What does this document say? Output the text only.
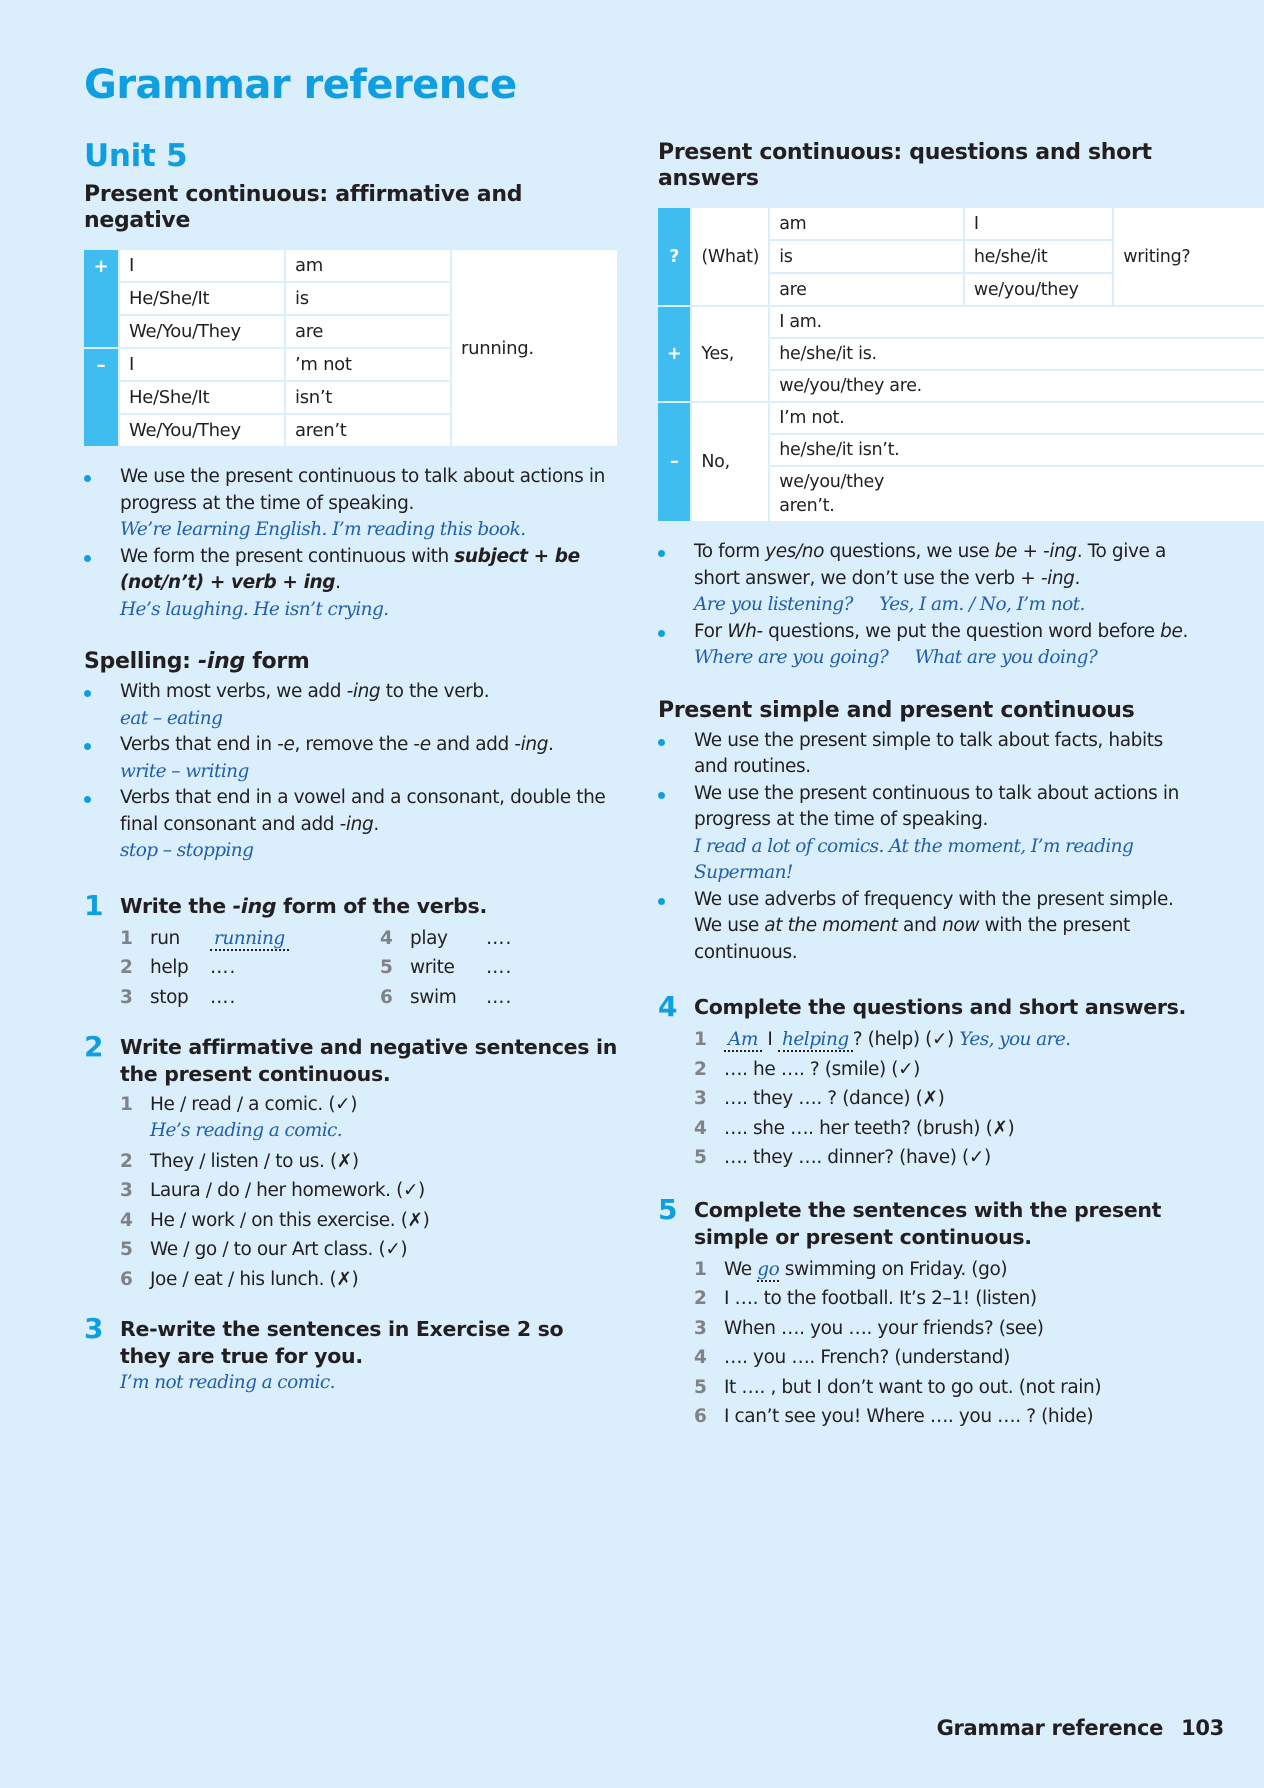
Grammar reference
Unit 5
Present continuous: affirmative and negative
+	I	am	running.
	He/She/It	is	
	We/You/They	are	
–	I	’m not	
	He/She/It	isn’t	
	We/You/They	aren’t	
We use the present continuous to talk about actions in progress at the time of speaking.
We’re learning English. I’m reading this book.
We form the present continuous with subject + be (not/n’t) + verb + ing.
He’s laughing. He isn’t crying.
Spelling: -ing form
With most verbs, we add -ing to the verb.
eat – eating
Verbs that end in -e, remove the -e and add -ing.
write – writing
Verbs that end in a vowel and a consonant, double the final consonant and add -ing.
stop – stopping
1 Write the -ing form of the verbs.
1 run running
2 help ….
3 stop ….
4 play ….
5 write ….
6 swim ….
2 Write affirmative and negative sentences in the present continuous.
1 He / read / a comic. (✓)
He’s reading a comic.
2 They / listen / to us. (✗)
3 Laura / do / her homework. (✓)
4 He / work / on this exercise. (✗)
5 We / go / to our Art class. (✓)
6 Joe / eat / his lunch. (✗)
3 Re-write the sentences in Exercise 2 so they are true for you.
I’m not reading a comic.
Present continuous: questions and short answers
?	(What)	am	I	writing?
		is	he/she/it	
		are	we/you/they	
+	Yes,	I am.		
		he/she/it is.		
		we/you/they are.		
–	No,	I’m not.		
		he/she/it isn’t.		
		we/you/they aren’t.		
To form yes/no questions, we use be + -ing. To give a short answer, we don’t use the verb + -ing.
Are you listening?     Yes, I am. / No, I’m not.
For Wh- questions, we put the question word before be.
Where are you going?     What are you doing?
Present simple and present continuous
We use the present simple to talk about facts, habits and routines.
We use the present continuous to talk about actions in progress at the time of speaking.
I read a lot of comics. At the moment, I’m reading Superman!
We use adverbs of frequency with the present simple. We use at the moment and now with the present continuous.
4 Complete the questions and short answers.
1 Am I helping ? (help) (✓) Yes, you are.
2 …. he …. ? (smile) (✓)
3 …. they …. ? (dance) (✗)
4 …. she …. her teeth? (brush) (✗)
5 …. they …. dinner? (have) (✓)
5 Complete the sentences with the present simple or present continuous.
1 We go swimming on Friday. (go)
2 I …. to the football. It’s 2–1! (listen)
3 When …. you …. your friends? (see)
4 …. you …. French? (understand)
5 It …. , but I don’t want to go out. (not rain)
6 I can’t see you! Where …. you …. ? (hide)
Grammar reference 103
